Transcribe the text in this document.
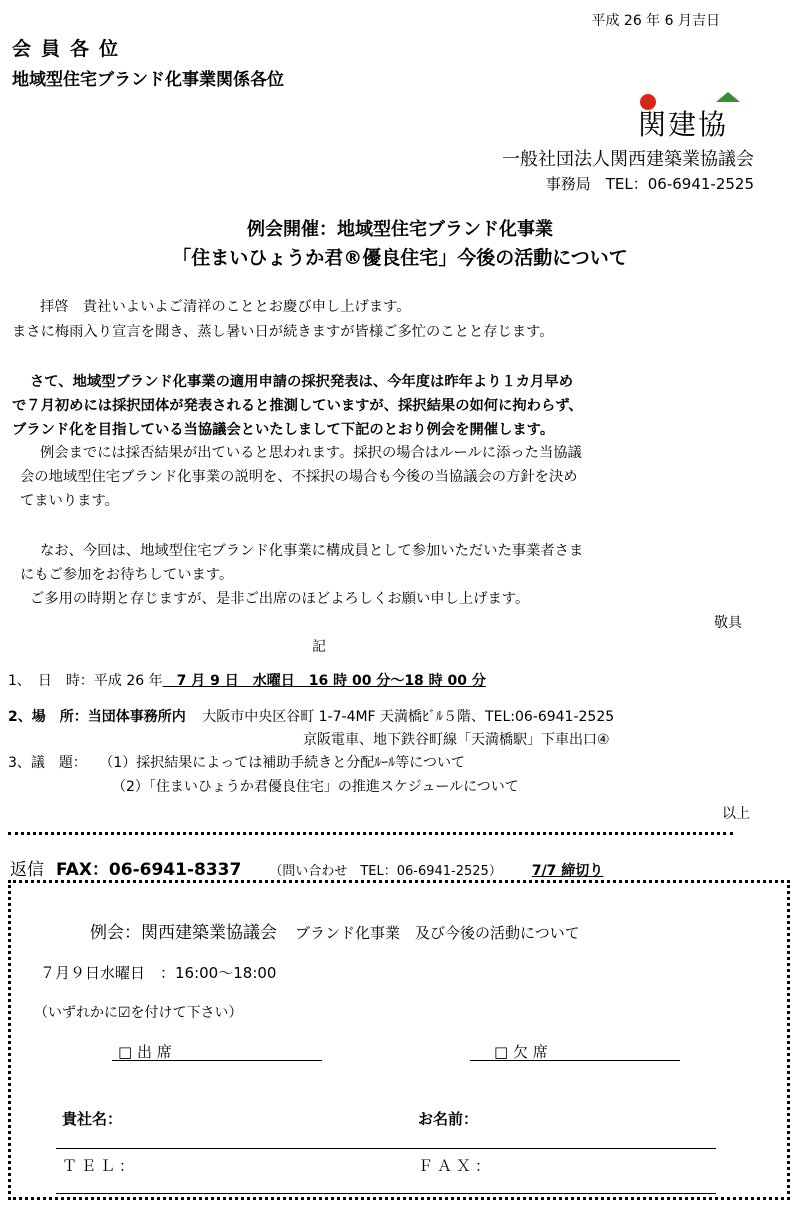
平成 26 年 6 月吉日
会員各位
地域型住宅ブランド化事業関係各位
関建協
一般社団法人関西建築業協議会
事務局　TEL：06-6941-2525
例会開催：地域型住宅ブランド化事業
「住まいひょうか君®優良住宅」今後の活動について
拝啓　貴社いよいよご清祥のこととお慶び申し上げます。
まさに梅雨入り宣言を聞き、蒸し暑い日が続きますが皆様ご多忙のことと存じます。
さて、地域型ブランド化事業の適用申請の採択発表は、今年度は昨年より１カ月早め
で７月初めには採択団体が発表されると推測していますが、採択結果の如何に拘わらず、
ブランド化を目指している当協議会といたしまして下記のとおり例会を開催します。
例会までには採否結果が出ていると思われます。採択の場合はルールに添った当協議
会の地域型住宅ブランド化事業の説明を、不採択の場合も今後の当協議会の方針を決め
てまいります。
なお、今回は、地域型住宅ブランド化事業に構成員として参加いただいた事業者さま
にもご参加をお待ちしています。
ご多用の時期と存じますが、是非ご出席のほどよろしくお願い申し上げます。
敬具
記
1、　日　時：平成 26 年　7 月 9 日　水曜日　16 時 00 分～18 時 00 分
2、場　所：当団体事務所内 大阪市中央区谷町 1-7-4MF 天満橋ﾋﾞﾙ５階、TEL:06-6941-2525
京阪電車、地下鉄谷町線「天満橋駅」下車出口④
3、議　題： （1）採択結果によっては補助手続きと分配ﾙｰﾙ等について
（2）「住まいひょうか君優良住宅」の推進スケジュールについて
以上
返信 FAX：06-6941-8337 （問い合わせ　TEL：06-6941-2525） 7/7 締切り
例会：関西建築業協議会 ブランド化事業　及び今後の活動について
７月９日水曜日　：16:00～18:00
（いずれかに☑を付けて下さい）
□ 出 席	□ 欠 席
貴社名：	お名前：
ＴＥＬ：	ＦＡＸ：
